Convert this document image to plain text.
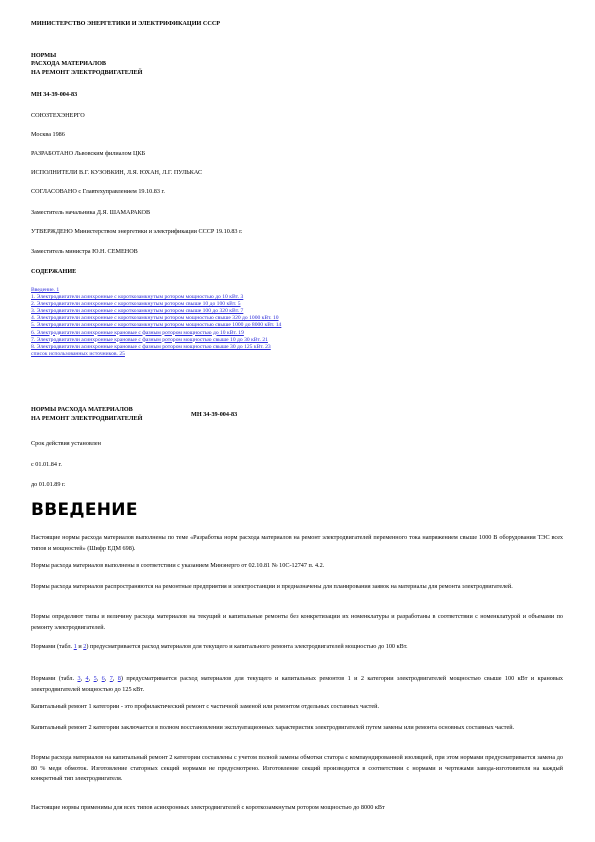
МИНИСТЕРСТВО ЭНЕРГЕТИКИ И ЭЛЕКТРИФИКАЦИИ СССР
НОРМЫ
РАСХОДА МАТЕРИАЛОВ
НА РЕМОНТ ЭЛЕКТРОДВИГАТЕЛЕЙ
МН 34-39-004-83
СОЮЗТЕХЭНЕРГО
Москва 1986
РАЗРАБОТАНО Львовским филиалом ЦКБ
ИСПОЛНИТЕЛИ В.Г. КУЗОВКИН, Л.Я. ЮХАН, Л.Г. ПУЛЬКАС
СОГЛАСОВАНО с Главтехуправлением 19.10.83 г.
Заместитель начальника Д.Я. ШАМАРАКОВ
УТВЕРЖДЕНО Министерством энергетики и электрификации СССР 19.10.83 г.
Заместитель министра Ю.Н. СЕМЕНОВ
СОДЕРЖАНИЕ
Введение. 1
1. Электродвигатели асинхронные с короткозамкнутым ротором мощностью до 10 кВт. 3
2. Электродвигатели асинхронные с короткозамкнутым ротором свыше 10 до 100 кВт. 5
3. Электродвигатели асинхронные с короткозамкнутым ротором свыше 100 до 320 кВт. 7
4. Электродвигатели асинхронные с короткозамкнутым ротором мощностью свыше 320 до 1000 кВт. 10
5. Электродвигатели асинхронные с короткозамкнутым ротором мощностью свыше 1000 до 8000 кВт. 14
6. Электродвигатели асинхронные крановые с фазным ротором мощностью до 10 кВт. 19
7. Электродвигатели асинхронные крановые с фазным ротором мощностью свыше 10 до 30 кВт. 21
8. Электродвигатели асинхронные крановые с фазным ротором мощностью свыше 30 до 125 кВт. 23
список использованных источников. 25
НОРМЫ РАСХОДА МАТЕРИАЛОВ
НА РЕМОНТ ЭЛЕКТРОДВИГАТЕЛЕЙ
МН 34-39-004-83
Срок действия установлен
с 01.01.84 г.
до 01.01.89 г.
ВВЕДЕНИЕ
Настоящие нормы расхода материалов выполнены по теме «Разработка норм расхода материалов на ремонт электродвигателей переменного тока напряжением свыше 1000 В оборудования ТЭС всех типов и мощностей» (Шифр ЕДМ 698).
Нормы расхода материалов выполнены в соответствии с указанием Минэнерго от 02.10.81 № 10С-12747 п. 4.2.
Нормы расхода материалов распространяются на ремонтные предприятия и электростанции и предназначены для планирования заявок на материалы для ремонта электродвигателей.
Нормы определяют типы и величину расхода материалов на текущий и капитальные ремонты без конкретизации их номенклатуры и разработаны в соответствии с номенклатурой и объемами по ремонту электродвигателей.
Нормами (табл. 1 и 2) предусматривается расход материалов для текущего и капитального ремонта электродвигателей мощностью до 100 кВт.
Нормами (табл. 3, 4, 5, 6, 7, 8) предусматривается расход материалов для текущего и капитальных ремонтов 1 и 2 категории электродвигателей мощностью свыше 100 кВт и крановых электродвигателей мощностью до 125 кВт.
Капитальный ремонт 1 категории - это профилактический ремонт с частичной заменой или ремонтом отдельных составных частей.
Капитальный ремонт 2 категории заключается в полном восстановлении эксплуатационных характеристик электродвигателей путем замены или ремонта основных составных частей.
Нормы расхода материалов на капитальный ремонт 2 категории составлены с учетом полной замены обмотки статора с компаундированной изоляцией, при этом нормами предусматривается замена до 80 % меди обмоток. Изготовление статорных секций нормами не предусмотрено. Изготовление секций производится в соответствии с нормами и чертежами завода-изготовителя на каждый конкретный тип электродвигателя.
Настоящие нормы применимы для всех типов асинхронных электродвигателей с короткозамкнутым ротором мощностью до 8000 кВт
